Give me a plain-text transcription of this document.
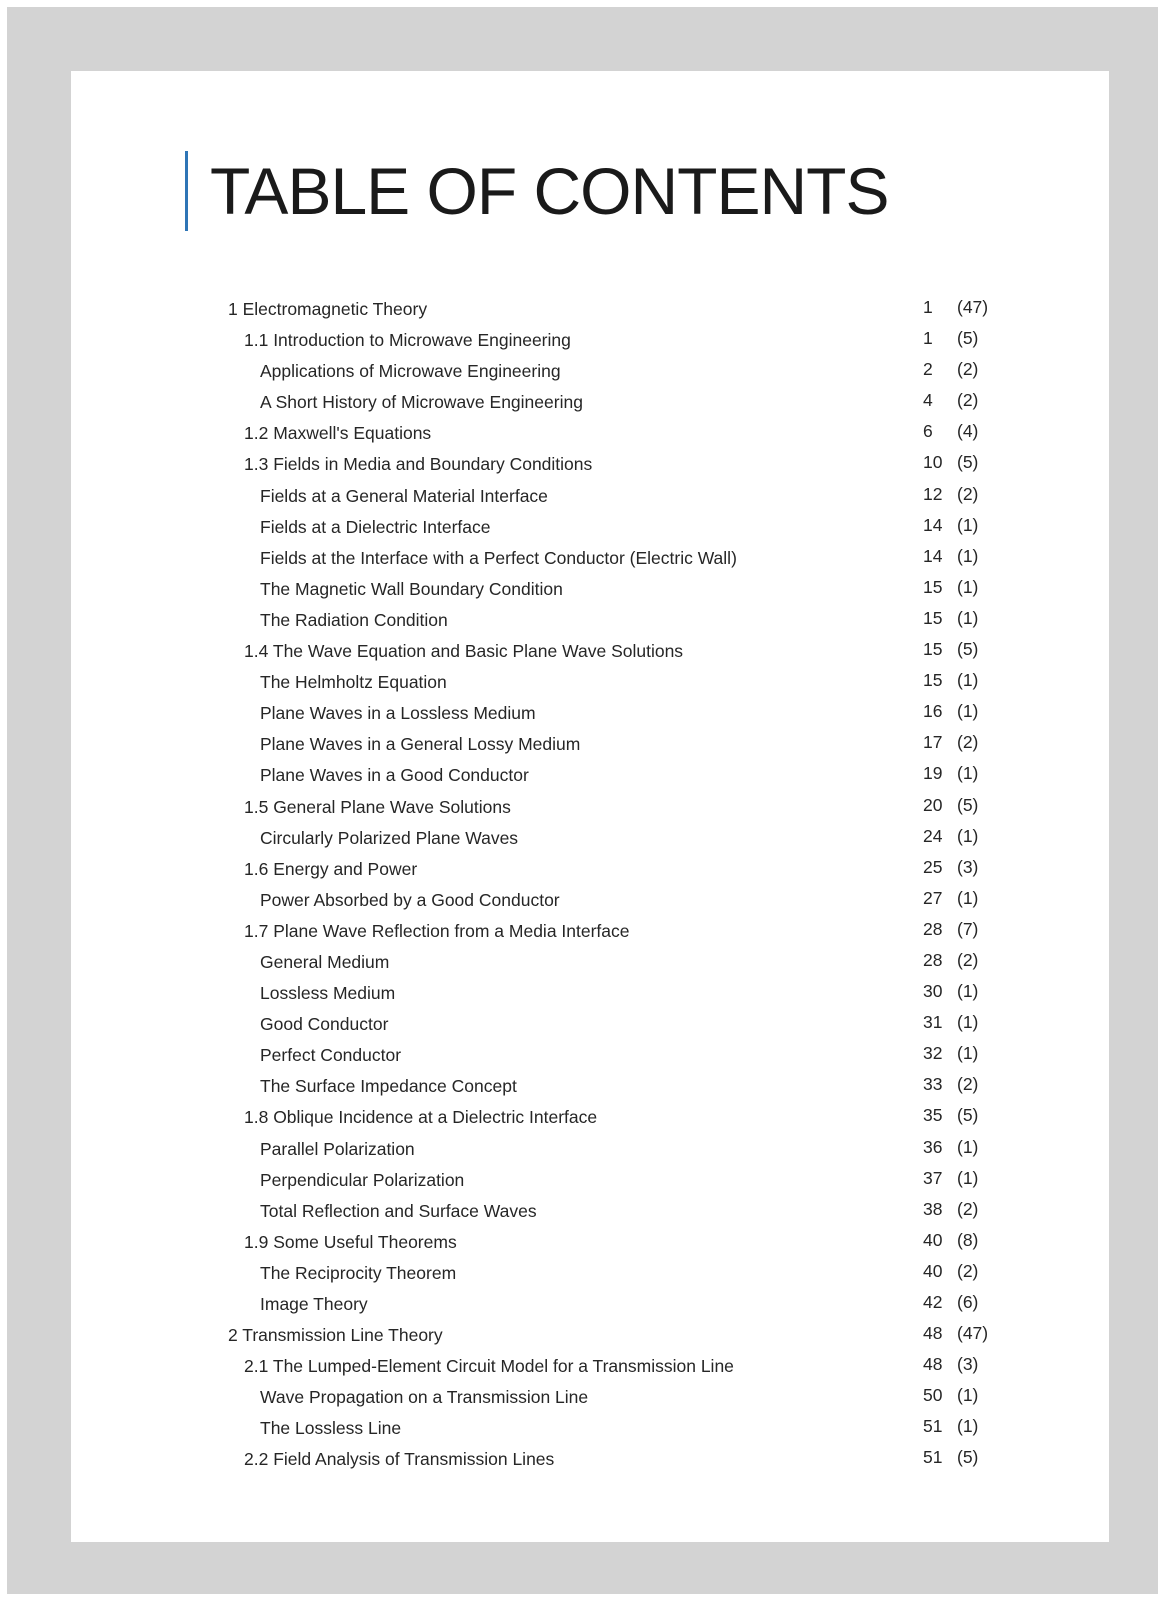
TABLE OF CONTENTS
1 Electromagnetic Theory	1 (47)
1.1 Introduction to Microwave Engineering	1 (5)
Applications of Microwave Engineering	2 (2)
A Short History of Microwave Engineering	4 (2)
1.2 Maxwell's Equations	6 (4)
1.3 Fields in Media and Boundary Conditions	10 (5)
Fields at a General Material Interface	12 (2)
Fields at a Dielectric Interface	14 (1)
Fields at the Interface with a Perfect Conductor (Electric Wall)	14 (1)
The Magnetic Wall Boundary Condition	15 (1)
The Radiation Condition	15 (1)
1.4 The Wave Equation and Basic Plane Wave Solutions	15 (5)
The Helmholtz Equation	15 (1)
Plane Waves in a Lossless Medium	16 (1)
Plane Waves in a General Lossy Medium	17 (2)
Plane Waves in a Good Conductor	19 (1)
1.5 General Plane Wave Solutions	20 (5)
Circularly Polarized Plane Waves	24 (1)
1.6 Energy and Power	25 (3)
Power Absorbed by a Good Conductor	27 (1)
1.7 Plane Wave Reflection from a Media Interface	28 (7)
General Medium	28 (2)
Lossless Medium	30 (1)
Good Conductor	31 (1)
Perfect Conductor	32 (1)
The Surface Impedance Concept	33 (2)
1.8 Oblique Incidence at a Dielectric Interface	35 (5)
Parallel Polarization	36 (1)
Perpendicular Polarization	37 (1)
Total Reflection and Surface Waves	38 (2)
1.9 Some Useful Theorems	40 (8)
The Reciprocity Theorem	40 (2)
Image Theory	42 (6)
2 Transmission Line Theory	48 (47)
2.1 The Lumped-Element Circuit Model for a Transmission Line	48 (3)
Wave Propagation on a Transmission Line	50 (1)
The Lossless Line	51 (1)
2.2 Field Analysis of Transmission Lines	51 (5)
